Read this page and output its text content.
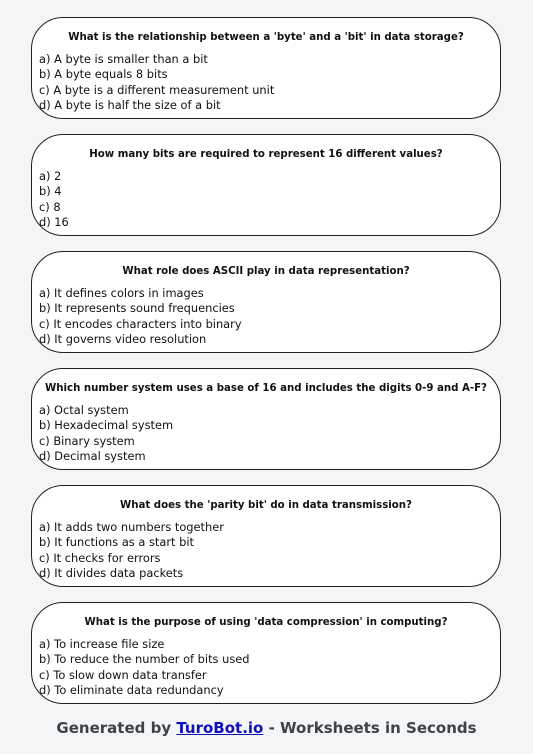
What is the relationship between a 'byte' and a 'bit' in data storage?
a) A byte is smaller than a bit
b) A byte equals 8 bits
c) A byte is a different measurement unit
d) A byte is half the size of a bit
How many bits are required to represent 16 different values?
a) 2
b) 4
c) 8
d) 16
What role does ASCII play in data representation?
a) It defines colors in images
b) It represents sound frequencies
c) It encodes characters into binary
d) It governs video resolution
Which number system uses a base of 16 and includes the digits 0-9 and A-F?
a) Octal system
b) Hexadecimal system
c) Binary system
d) Decimal system
What does the 'parity bit' do in data transmission?
a) It adds two numbers together
b) It functions as a start bit
c) It checks for errors
d) It divides data packets
What is the purpose of using 'data compression' in computing?
a) To increase file size
b) To reduce the number of bits used
c) To slow down data transfer
d) To eliminate data redundancy
Generated by TuroBot.io - Worksheets in Seconds
